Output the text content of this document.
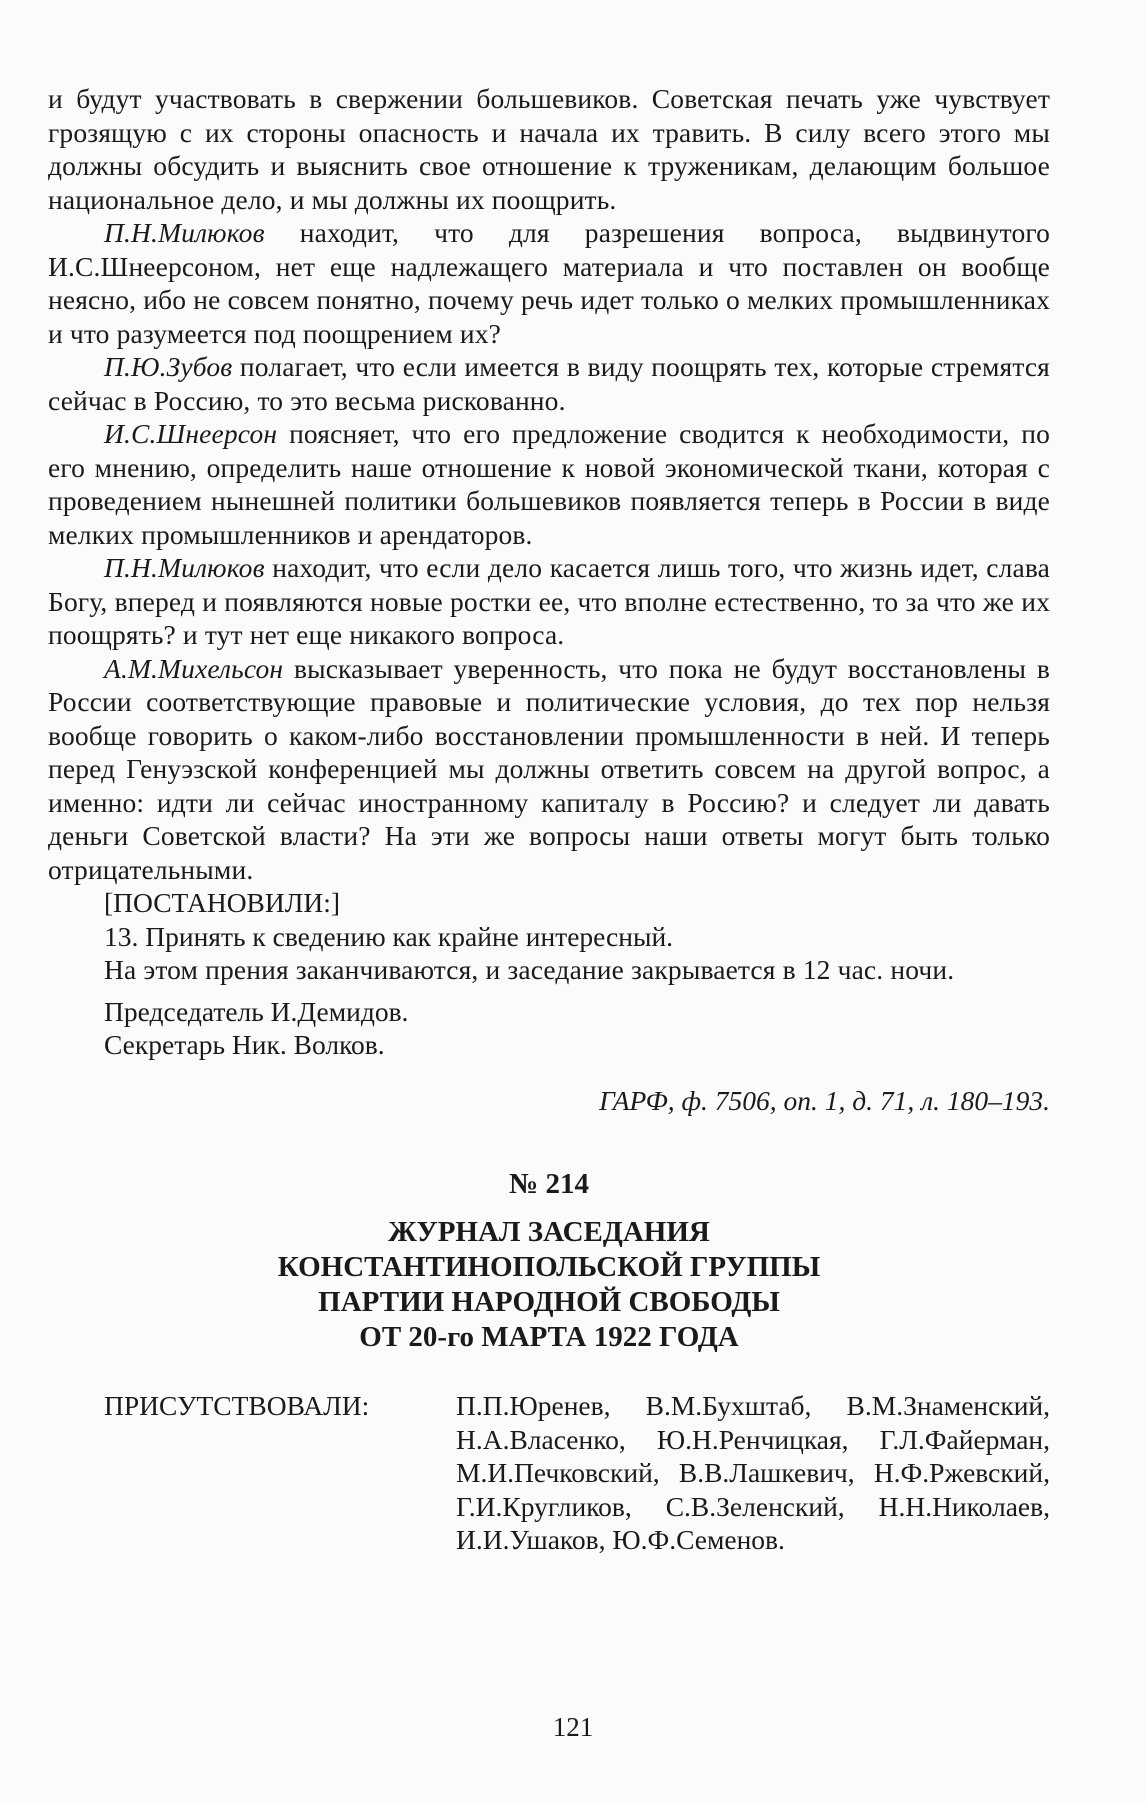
и будут участвовать в свержении большевиков. Советская печать уже чувствует грозящую с их стороны опасность и начала их травить. В силу всего этого мы должны обсудить и выяснить свое отношение к труженикам, делающим большое национальное дело, и мы должны их поощрить.

П.Н.Милюков находит, что для разрешения вопроса, выдвинутого И.С.Шнеерсоном, нет еще надлежащего материала и что поставлен он вообще неясно, ибо не совсем понятно, почему речь идет только о мелких промышленниках и что разумеется под поощрением их?

П.Ю.Зубов полагает, что если имеется в виду поощрять тех, которые стремятся сейчас в Россию, то это весьма рискованно.

И.С.Шнеерсон поясняет, что его предложение сводится к необходимости, по его мнению, определить наше отношение к новой экономической ткани, которая с проведением нынешней политики большевиков появляется теперь в России в виде мелких промышленников и арендаторов.

П.Н.Милюков находит, что если дело касается лишь того, что жизнь идет, слава Богу, вперед и появляются новые ростки ее, что вполне естественно, то за что же их поощрять? и тут нет еще никакого вопроса.

А.М.Михельсон высказывает уверенность, что пока не будут восстановлены в России соответствующие правовые и политические условия, до тех пор нельзя вообще говорить о каком-либо восстановлении промышленности в ней. И теперь перед Генуэзской конференцией мы должны ответить совсем на другой вопрос, а именно: идти ли сейчас иностранному капиталу в Россию? и следует ли давать деньги Советской власти? На эти же вопросы наши ответы могут быть только отрицательными.

[ПОСТАНОВИЛИ:]

13. Принять к сведению как крайне интересный.

На этом прения заканчиваются, и заседание закрывается в 12 час. ночи.

Председатель И.Демидов.

Секретарь Ник. Волков.

ГАРФ, ф. 7506, оп. 1, д. 71, л. 180–193.

№ 214

ЖУРНАЛ ЗАСЕДАНИЯ

КОНСТАНТИНОПОЛЬСКОЙ ГРУППЫ

ПАРТИИ НАРОДНОЙ СВОБОДЫ

ОТ 20-го МАРТА 1922 ГОДА

ПРИСУТСТВОВАЛИ:	П.П.Юренев, В.М.Бухштаб, В.М.Знаменский, Н.А.Власенко, Ю.Н.Ренчицкая, Г.Л.Файерман, М.И.Печковский, В.В.Лашкевич, Н.Ф.Ржевский, Г.И.Кругликов, С.В.Зеленский, Н.Н.Николаев, И.И.Ушаков, Ю.Ф.Семенов.
121
